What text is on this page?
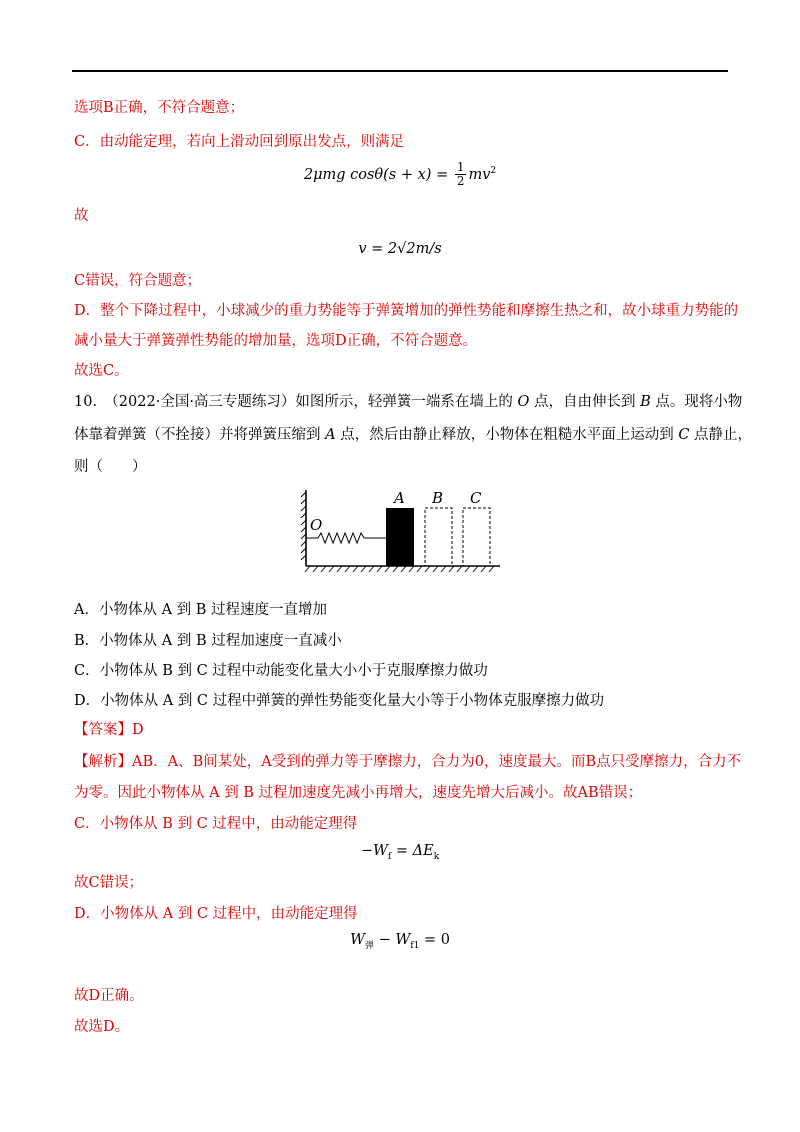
选项B正确，不符合题意；
C．由动能定理，若向上滑动回到原出发点，则满足
2μmg $\cos\theta(s + x) = \frac{1}{2} mv^2$
故
v = 2√2m/s
C错误，符合题意；
D．整个下降过程中，小球减少的重力势能等于弹簧增加的弹性势能和摩擦生热之和，故小球重力势能的
减小量大于弹簧弹性势能的增加量，选项D正确，不符合题意。
故选C。
10.　（2022·全国·高三专题练习）如图所示，轻弹簧一端系在墙上的 O 点，自由伸长到 B 点。现将小物
体靠着弹簧（不拴接）并将弹簧压缩到 A 点，然后由静止释放，小物体在粗糙水平面上运动到 C 点静止，
则（　　）
O
A B C
A．小物体从 A 到 B 过程速度一直增加
B．小物体从 A 到 B 过程加速度一直减小
C．小物体从 B 到 C 过程中动能变化量大小小于克服摩擦力做功
D．小物体从 A 到 C 过程中弹簧的弹性势能变化量大小等于小物体克服摩擦力做功
【答案】D
【解析】AB．A、B间某处，A受到的弹力等于摩擦力，合力为0，速度最大。而B点只受摩擦力，合力不
为零。因此小物体从 A 到 B 过程加速度先减小再增大，速度先增大后减小。故AB错误；
C．小物体从 B 到 C 过程中，由动能定理得
$-W_f = \Delta E_k$
故C错误；
D．小物体从 A 到 C 过程中，由动能定理得
$W_弹 - W_{f1} = 0$
故D正确。
故选D。
